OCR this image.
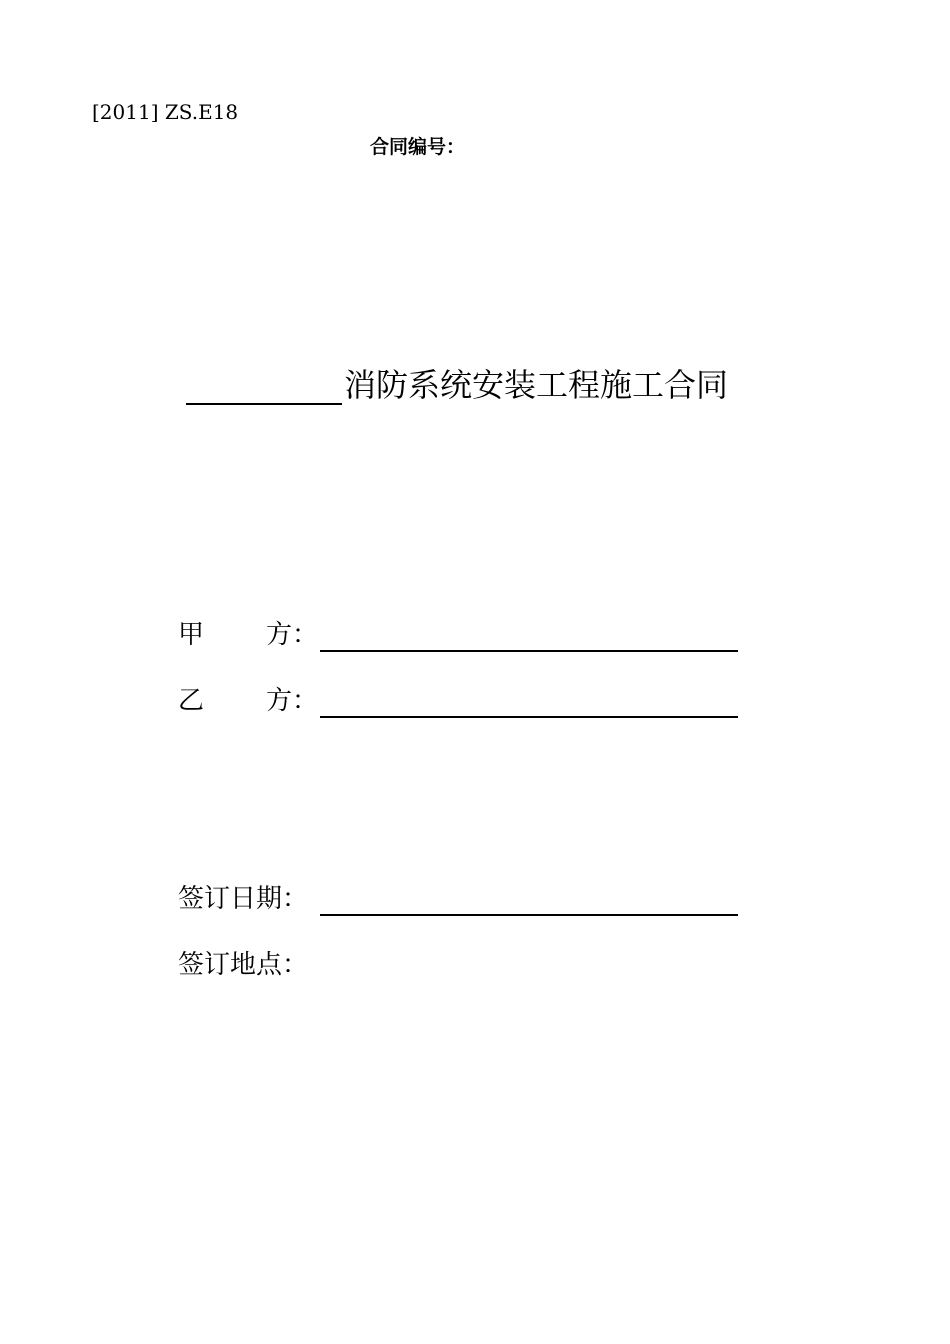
[2011] ZS.E18
合同编号：
消防系统安装工程施工合同
甲 方：
乙 方：
签订日期：
签订地点：
